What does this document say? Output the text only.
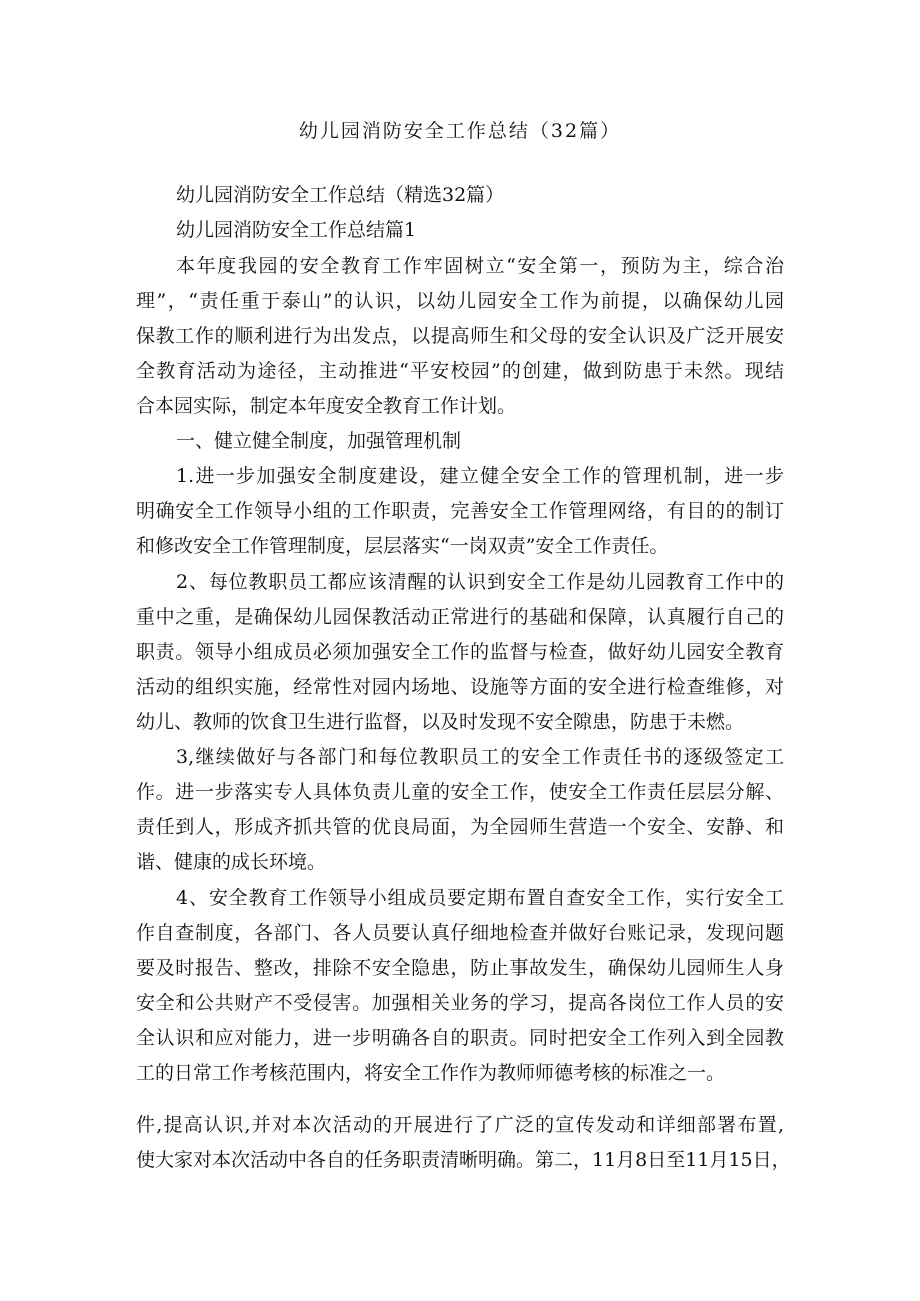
幼儿园消防安全工作总结（32篇）
幼儿园消防安全工作总结（精选32篇）
幼儿园消防安全工作总结篇1
本年度我园的安全教育工作牢固树立“安全第一，预防为主，综合治
理”，“责任重于泰山”的认识，以幼儿园安全工作为前提，以确保幼儿园
保教工作的顺利进行为出发点，以提高师生和父母的安全认识及广泛开展安
全教育活动为途径，主动推进“平安校园”的创建，做到防患于未然。现结
合本园实际，制定本年度安全教育工作计划。
一、健立健全制度，加强管理机制
1.进一步加强安全制度建设，建立健全安全工作的管理机制，进一步
明确安全工作领导小组的工作职责，完善安全工作管理网络，有目的的制订
和修改安全工作管理制度，层层落实“一岗双责”安全工作责任。
2、每位教职员工都应该清醒的认识到安全工作是幼儿园教育工作中的
重中之重，是确保幼儿园保教活动正常进行的基础和保障，认真履行自己的
职责。领导小组成员必须加强安全工作的监督与检查，做好幼儿园安全教育
活动的组织实施，经常性对园内场地、设施等方面的安全进行检查维修，对
幼儿、教师的饮食卫生进行监督，以及时发现不安全隙患，防患于未燃。
3,继续做好与各部门和每位教职员工的安全工作责任书的逐级签定工
作。进一步落实专人具体负责儿童的安全工作，使安全工作责任层层分解、
责任到人，形成齐抓共管的优良局面，为全园师生营造一个安全、安静、和
谐、健康的成长环境。
4、安全教育工作领导小组成员要定期布置自查安全工作，实行安全工
作自查制度，各部门、各人员要认真仔细地检查并做好台账记录，发现问题
要及时报告、整改，排除不安全隐患，防止事故发生，确保幼儿园师生人身
安全和公共财产不受侵害。加强相关业务的学习，提高各岗位工作人员的安
全认识和应对能力，进一步明确各自的职责。同时把安全工作列入到全园教
工的日常工作考核范围内，将安全工作作为教师师德考核的标准之一。
件,提高认识,并对本次活动的开展进行了广泛的宣传发动和详细部署布置,
使大家对本次活动中各自的任务职责清晰明确。第二，11月8日至11月15日，
